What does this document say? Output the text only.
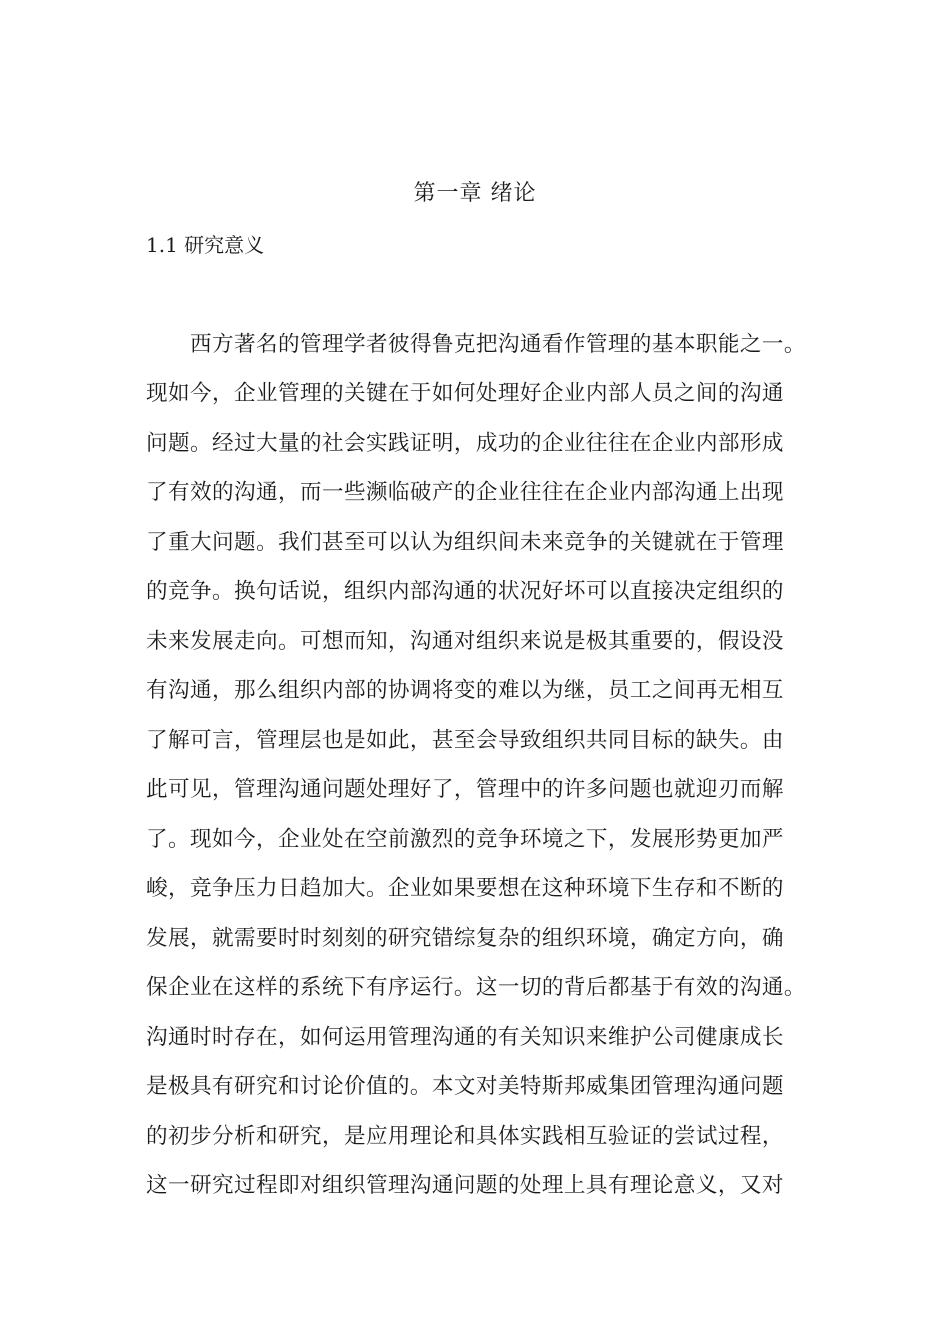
第一章 绪论
1.1 研究意义
西方著名的管理学者彼得鲁克把沟通看作管理的基本职能之一。
现如今，企业管理的关键在于如何处理好企业内部人员之间的沟通
问题。经过大量的社会实践证明，成功的企业往往在企业内部形成
了有效的沟通，而一些濒临破产的企业往往在企业内部沟通上出现
了重大问题。我们甚至可以认为组织间未来竞争的关键就在于管理
的竞争。换句话说，组织内部沟通的状况好坏可以直接决定组织的
未来发展走向。可想而知，沟通对组织来说是极其重要的，假设没
有沟通，那么组织内部的协调将变的难以为继，员工之间再无相互
了解可言，管理层也是如此，甚至会导致组织共同目标的缺失。由
此可见，管理沟通问题处理好了，管理中的许多问题也就迎刃而解
了。现如今，企业处在空前激烈的竞争环境之下，发展形势更加严
峻，竞争压力日趋加大。企业如果要想在这种环境下生存和不断的
发展，就需要时时刻刻的研究错综复杂的组织环境，确定方向，确
保企业在这样的系统下有序运行。这一切的背后都基于有效的沟通。
沟通时时存在，如何运用管理沟通的有关知识来维护公司健康成长
是极具有研究和讨论价值的。本文对美特斯邦威集团管理沟通问题
的初步分析和研究，是应用理论和具体实践相互验证的尝试过程，
这一研究过程即对组织管理沟通问题的处理上具有理论意义，又对
